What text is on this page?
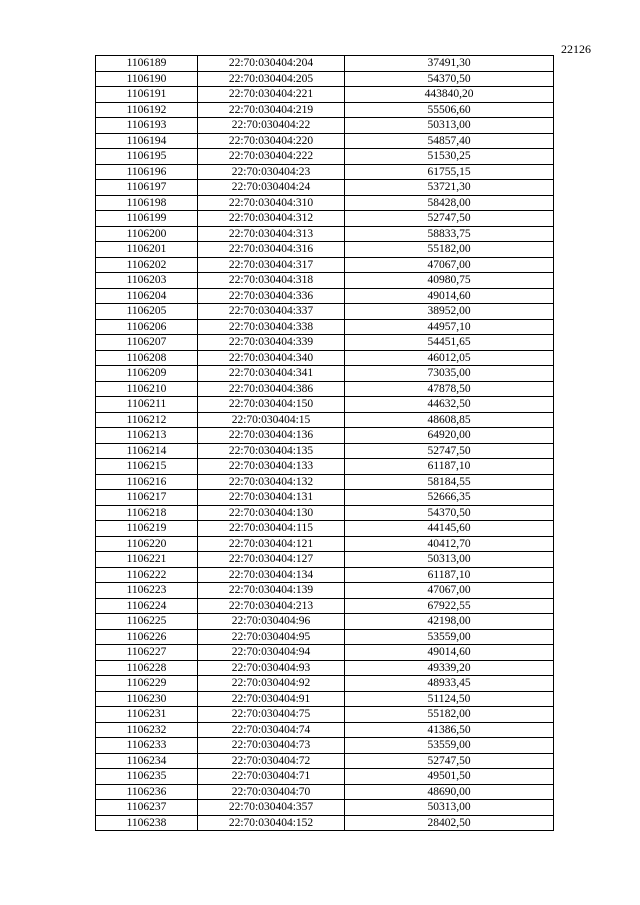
22126
1106189	22:70:030404:204	37491,30
1106190	22:70:030404:205	54370,50
1106191	22:70:030404:221	443840,20
1106192	22:70:030404:219	55506,60
1106193	22:70:030404:22	50313,00
1106194	22:70:030404:220	54857,40
1106195	22:70:030404:222	51530,25
1106196	22:70:030404:23	61755,15
1106197	22:70:030404:24	53721,30
1106198	22:70:030404:310	58428,00
1106199	22:70:030404:312	52747,50
1106200	22:70:030404:313	58833,75
1106201	22:70:030404:316	55182,00
1106202	22:70:030404:317	47067,00
1106203	22:70:030404:318	40980,75
1106204	22:70:030404:336	49014,60
1106205	22:70:030404:337	38952,00
1106206	22:70:030404:338	44957,10
1106207	22:70:030404:339	54451,65
1106208	22:70:030404:340	46012,05
1106209	22:70:030404:341	73035,00
1106210	22:70:030404:386	47878,50
1106211	22:70:030404:150	44632,50
1106212	22:70:030404:15	48608,85
1106213	22:70:030404:136	64920,00
1106214	22:70:030404:135	52747,50
1106215	22:70:030404:133	61187,10
1106216	22:70:030404:132	58184,55
1106217	22:70:030404:131	52666,35
1106218	22:70:030404:130	54370,50
1106219	22:70:030404:115	44145,60
1106220	22:70:030404:121	40412,70
1106221	22:70:030404:127	50313,00
1106222	22:70:030404:134	61187,10
1106223	22:70:030404:139	47067,00
1106224	22:70:030404:213	67922,55
1106225	22:70:030404:96	42198,00
1106226	22:70:030404:95	53559,00
1106227	22:70:030404:94	49014,60
1106228	22:70:030404:93	49339,20
1106229	22:70:030404:92	48933,45
1106230	22:70:030404:91	51124,50
1106231	22:70:030404:75	55182,00
1106232	22:70:030404:74	41386,50
1106233	22:70:030404:73	53559,00
1106234	22:70:030404:72	52747,50
1106235	22:70:030404:71	49501,50
1106236	22:70:030404:70	48690,00
1106237	22:70:030404:357	50313,00
1106238	22:70:030404:152	28402,50
